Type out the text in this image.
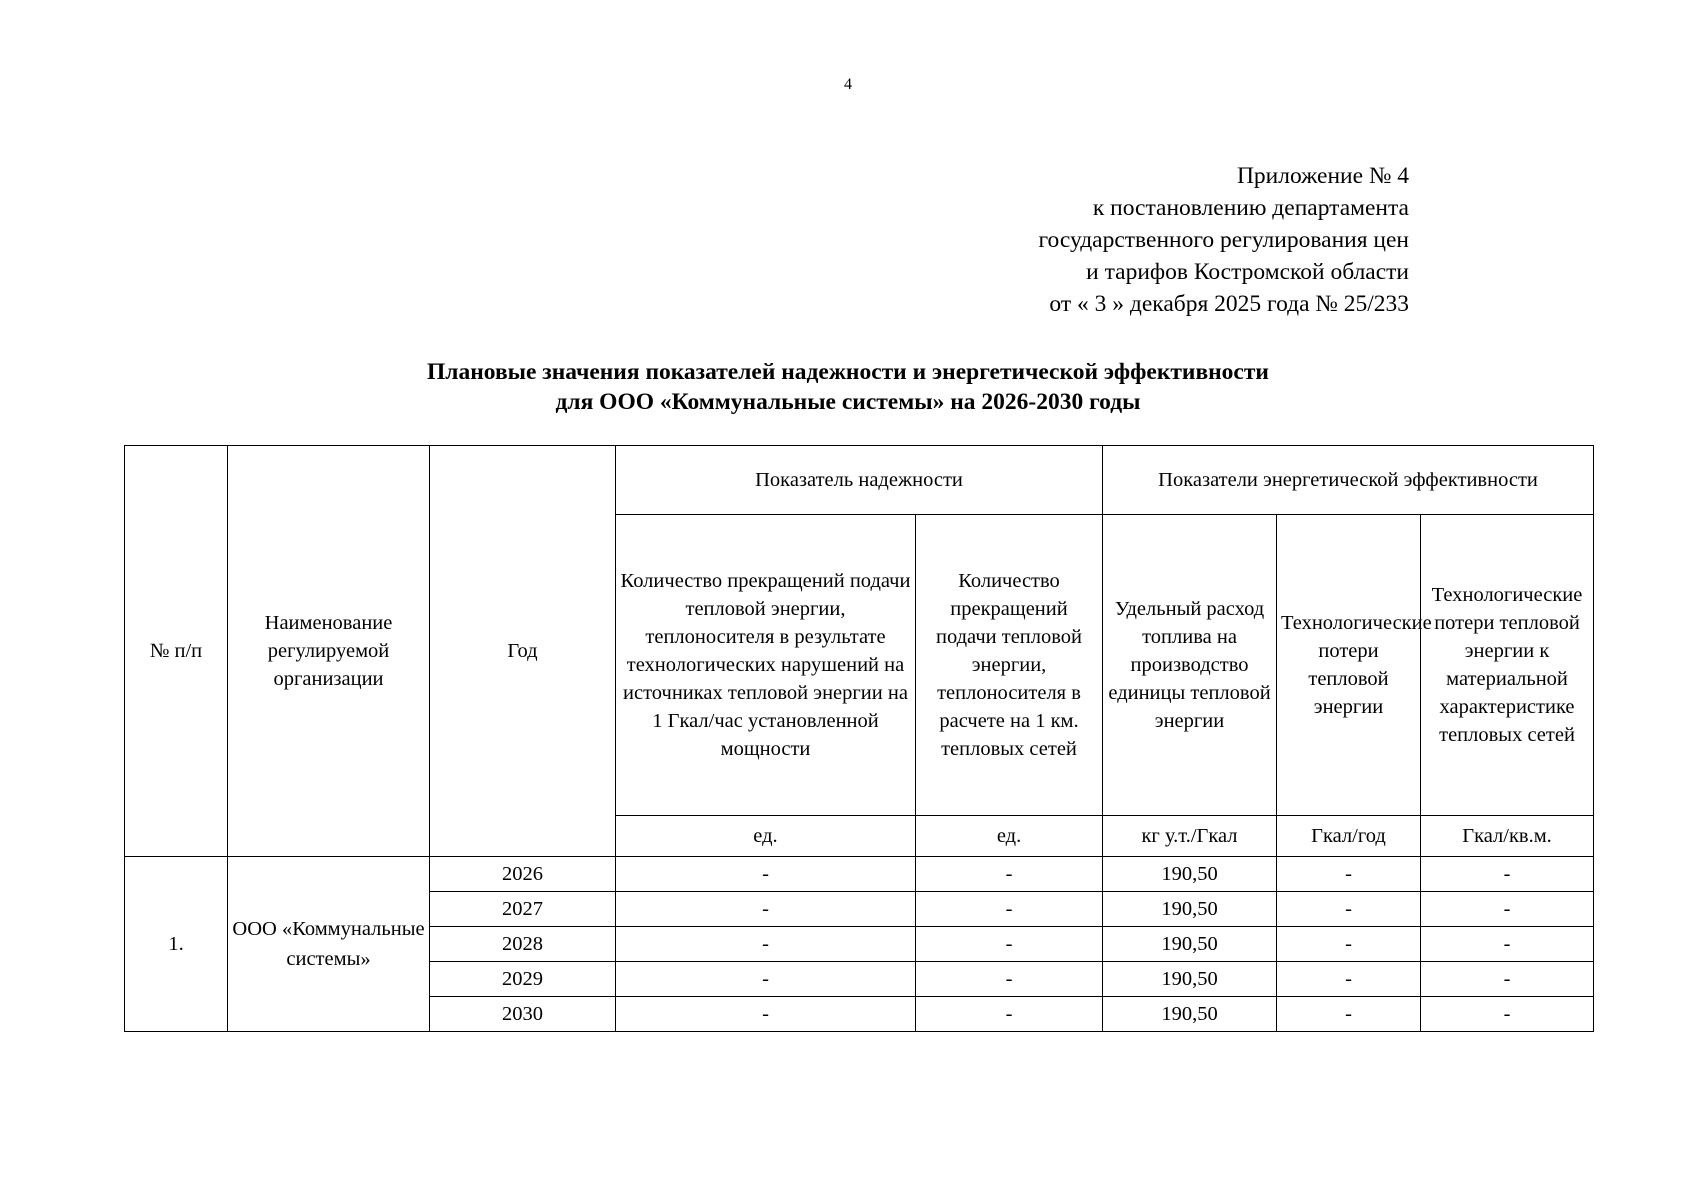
4
Приложение № 4
к постановлению департамента
государственного регулирования цен
и тарифов Костромской области
от « 3 » декабря 2025 года № 25/233
Плановые значения показателей надежности и энергетической эффективности
для ООО «Коммунальные системы» на 2026-2030 годы
№ п/п	Наименование регулируемой организации	Год	Показатель надежности		Показатели энергетической эффективности		
			Количество прекращений подачи тепловой энергии, теплоносителя в результате технологических нарушений на источниках тепловой энергии на 1 Гкал/час установленной мощности	Количество прекращений подачи тепловой энергии, теплоносителя в расчете на 1 км. тепловых сетей	Удельный расход топлива на производство единицы тепловой энергии	Технологические потери тепловой энергии	Технологические потери тепловой энергии к материальной характеристике тепловых сетей
			ед.	ед.	кг у.т./Гкал	Гкал/год	Гкал/кв.м.
1.	ООО «Коммунальные системы»	2026	-	-	190,50	-	-
		2027	-	-	190,50	-	-
		2028	-	-	190,50	-	-
		2029	-	-	190,50	-	-
		2030	-	-	190,50	-	-
